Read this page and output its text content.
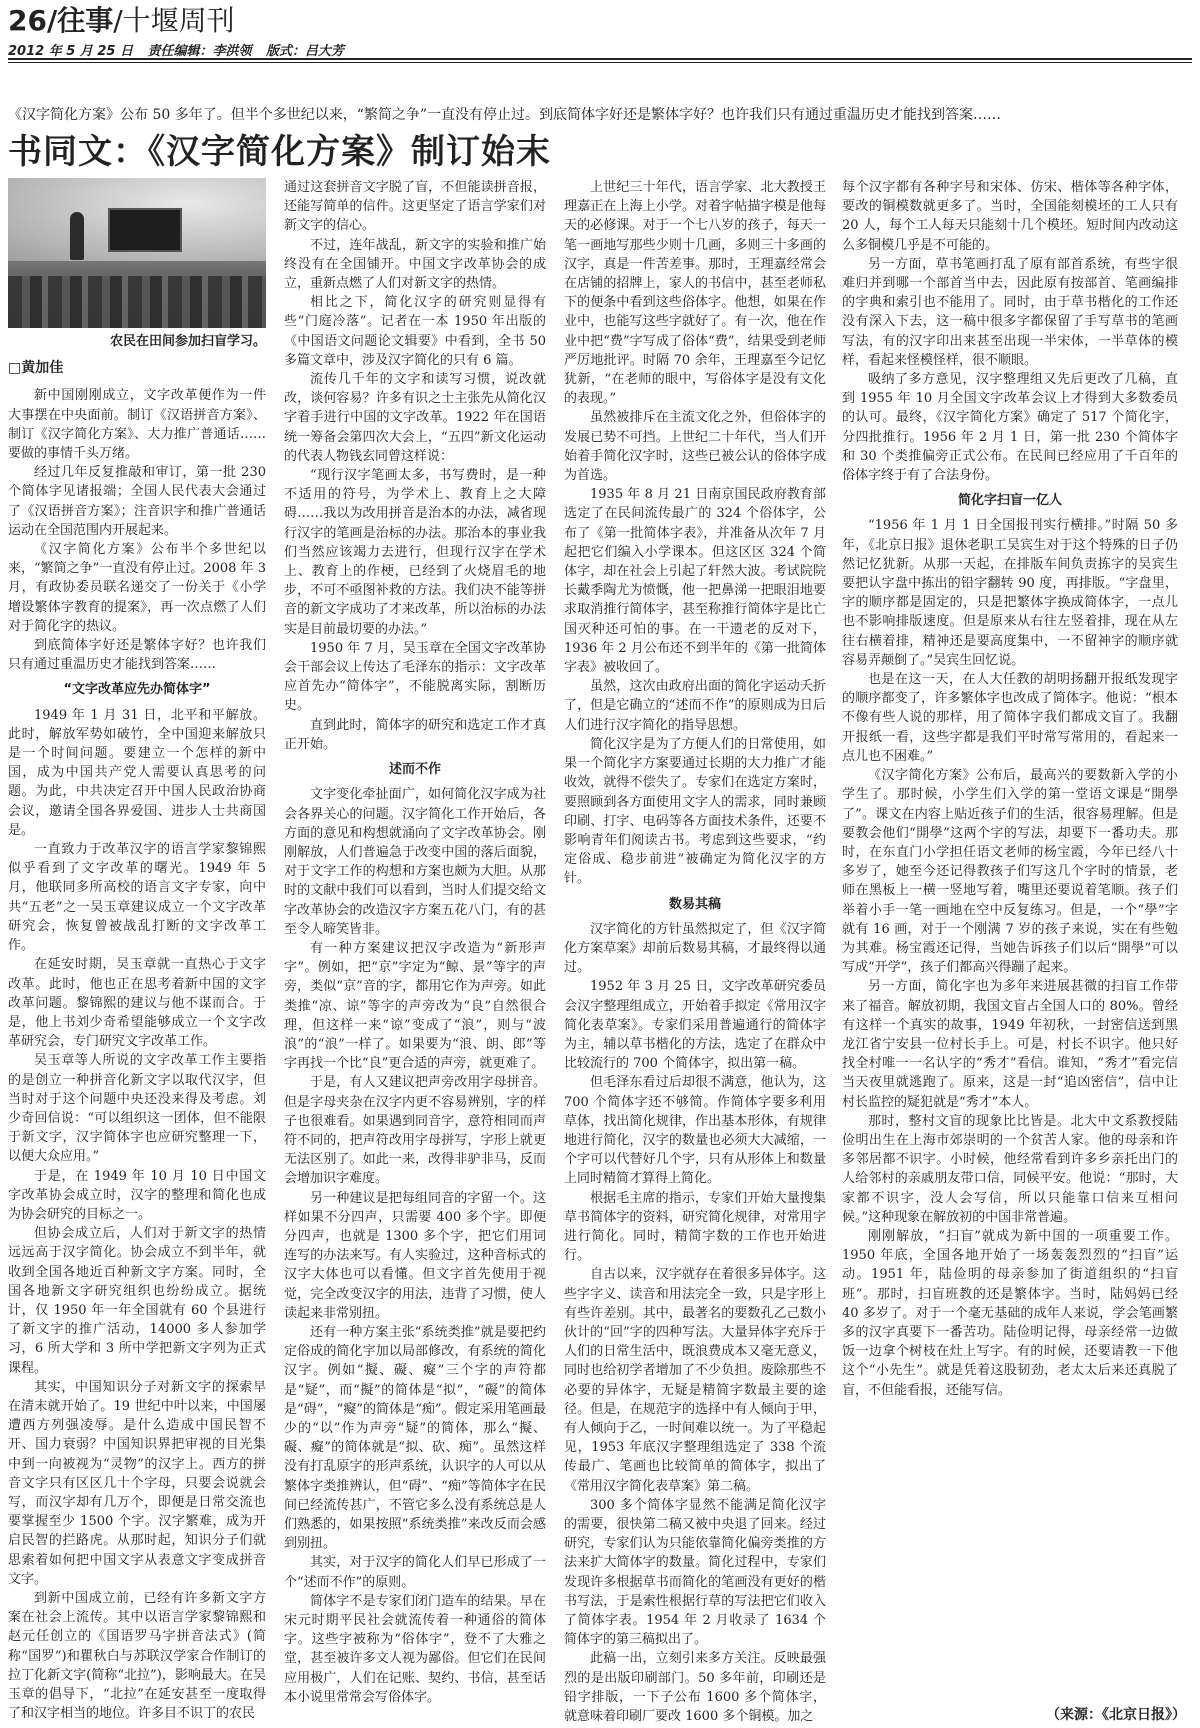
26/往事/十堰周刊
2012 年 5 月 25 日 责任编辑：李洪领 版式：吕大芳
《汉字简化方案》公布 50 多年了。但半个多世纪以来，“繁简之争”一直没有停止过。到底简体字好还是繁体字好？也许我们只有通过重温历史才能找到答案……
书同文：《汉字简化方案》制订始末
农民在田间参加扫盲学习。
□黄加佳

新中国刚刚成立，文字改革便作为一件大事摆在中央面前。制订《汉语拼音方案》、制订《汉字简化方案》、大力推广普通话……要做的事情千头万绪。

经过几年反复推敲和审订，第一批 230 个简体字见诸报端；全国人民代表大会通过了《汉语拼音方案》；注音识字和推广普通话运动在全国范围内开展起来。

《汉字简化方案》公布半个多世纪以来，“繁简之争”一直没有停止过。2008 年 3 月，有政协委员联名递交了一份关于《小学增设繁体字教育的提案》，再一次点燃了人们对于简化字的热议。

到底简体字好还是繁体字好？也许我们只有通过重温历史才能找到答案……

“文字改革应先办简体字”

1949 年 1 月 31 日，北平和平解放。此时，解放军势如破竹，全中国迎来解放只是一个时间问题。要建立一个怎样的新中国，成为中国共产党人需要认真思考的问题。为此，中共决定召开中国人民政治协商会议，邀请全国各界爱国、进步人士共商国是。

一直致力于改革汉字的语言学家黎锦熙似乎看到了文字改革的曙光。1949 年 5 月，他联同多所高校的语言文字专家，向中共“五老”之一吴玉章建议成立一个文字改革研究会，恢复曾被战乱打断的文字改革工作。

在延安时期，吴玉章就一直热心于文字改革。此时，他也正在思考着新中国的文字改革问题。黎锦熙的建议与他不谋而合。于是，他上书刘少奇希望能够成立一个文字改革研究会，专门研究文字改革工作。

吴玉章等人所说的文字改革工作主要指的是创立一种拼音化新文字以取代汉字，但当时对于这个问题中央还没来得及考虑。刘少奇回信说：“可以组织这一团体，但不能限于新文字，汉字简体字也应研究整理一下，以便大众应用。”

于是，在 1949 年 10 月 10 日中国文字改革协会成立时，汉字的整理和简化也成为协会研究的目标之一。

但协会成立后，人们对于新文字的热情远远高于汉字简化。协会成立不到半年，就收到全国各地近百种新文字方案。同时，全国各地新文字研究组织也纷纷成立。据统计，仅 1950 年一年全国就有 60 个县进行了新文字的推广活动，14000 多人参加学习，6 所大学和 3 所中学把新文字列为正式课程。

其实，中国知识分子对新文字的探索早在清末就开始了。19 世纪中叶以来，中国屡遭西方列强凌辱。是什么造成中国民智不开、国力衰弱？中国知识界把审视的目光集中到一向被视为“灵物”的汉字上。西方的拼音文字只有区区几十个字母，只要会说就会写，而汉字却有几万个，即便是日常交流也要掌握至少 1500 个字。汉字繁难，成为开启民智的拦路虎。从那时起，知识分子们就思索着如何把中国文字从表意文字变成拼音文字。

到新中国成立前，已经有许多新文字方案在社会上流传。其中以语言学家黎锦熙和赵元任创立的《国语罗马字拼音法式》(简称“国罗”)和瞿秋白与苏联汉学家合作制订的拉丁化新文字(简称“北拉”)，影响最大。在吴玉章的倡导下，“北拉”在延安甚至一度取得了和汉字相当的地位。许多目不识丁的农民

通过这套拼音文字脱了盲，不但能读拼音报，还能写简单的信件。这更坚定了语言学家们对新文字的信心。

不过，连年战乱，新文字的实验和推广始终没有在全国铺开。中国文字改革协会的成立，重新点燃了人们对新文字的热情。

相比之下，简化汉字的研究则显得有些“门庭冷落”。记者在一本 1950 年出版的《中国语文问题论文辑要》中看到，全书 50 多篇文章中，涉及汉字简化的只有 6 篇。

流传几千年的文字和读写习惯，说改就改，谈何容易？许多有识之士主张先从简化汉字着手进行中国的文字改革。1922 年在国语统一筹备会第四次大会上，“五四”新文化运动的代表人物钱玄同曾这样说：

“现行汉字笔画太多，书写费时，是一种不适用的符号，为学术上、教育上之大障碍……我以为改用拼音是治本的办法，减省现行汉字的笔画是治标的办法。那治本的事业我们当然应该竭力去进行，但现行汉字在学术上、教育上的作梗，已经到了火烧眉毛的地步，不可不亟图补救的方法。我们决不能等拼音的新文字成功了才来改革，所以治标的办法实是目前最切要的办法。”

1950 年 7 月，吴玉章在全国文字改革协会干部会议上传达了毛泽东的指示：文字改革应首先办“简体字”，不能脱离实际，割断历史。

直到此时，简体字的研究和选定工作才真正开始。

述而不作

文字变化牵扯面广，如何简化汉字成为社会各界关心的问题。汉字简化工作开始后，各方面的意见和构想就涌向了文字改革协会。刚刚解放，人们普遍急于改变中国的落后面貌，对于文字工作的构想和方案也颇为大胆。从那时的文献中我们可以看到，当时人们提交给文字改革协会的改造汉字方案五花八门，有的甚至令人啼笑皆非。

有一种方案建议把汉字改造为“新形声字”。例如，把“京”字定为“鲸、景”等字的声旁，类似“京”音的字，都用它作为声旁。如此类推“凉、谅”等字的声旁改为“良”自然很合理，但这样一来“谅”变成了“浪”，则与“波浪”的“浪”一样了。如果要为“浪、朗、郎”等字再找一个比“良”更合适的声旁，就更难了。

于是，有人又建议把声旁改用字母拼音。但是字母夹杂在汉字内更不容易辨别，字的样子也很难看。如果遇到同音字，意符相同而声符不同的，把声符改用字母拼写，字形上就更无法区别了。如此一来，改得非驴非马，反而会增加识字难度。

另一种建议是把每组同音的字留一个。这样如果不分四声，只需要 400 多个字。即便分四声，也就是 1300 多个字，把它们用词连写的办法来写。有人实验过，这种音标式的汉字大体也可以看懂。但文字首先使用于视觉，完全改变汉字的用法，违背了习惯，使人读起来非常别扭。

还有一种方案主张“系统类推”就是要把约定俗成的简化字加以局部修改，有系统的简化汉字。例如“擬、礙、癡”三个字的声符都是“疑”，而“擬”的简体是“拟”，“礙”的简体是“碍”，“癡”的简体是“痴”。假定采用笔画最少的“以”作为声旁“疑”的简体，那么“擬、礙、癡”的简体就是“拟、砍、痴”。虽然这样没有打乱原字的形声系统，认识字的人可以从繁体字类推辨认，但“碍”、“痴”等简体字在民间已经流传甚广，不管它多么没有系统总是人们熟悉的，如果按照“系统类推”来改反而会感到别扭。

其实，对于汉字的简化人们早已形成了一个“述而不作”的原则。

简体字不是专家们闭门造车的结果。早在宋元时期平民社会就流传着一种通俗的简体字。这些字被称为“俗体字”，登不了大雅之堂，甚至被许多文人视为鄙俗。但它们在民间应用极广，人们在记账、契约、书信，甚至话本小说里常常会写俗体字。

上世纪三十年代，语言学家、北大教授王理嘉正在上海上小学。对着字帖描字模是他每天的必修课。对于一个七八岁的孩子，每天一笔一画地写那些少则十几画，多则三十多画的汉字，真是一件苦差事。那时，王理嘉经常会在店铺的招牌上，家人的书信中，甚至老师私下的便条中看到这些俗体字。他想，如果在作业中，也能写这些字就好了。有一次，他在作业中把“费”字写成了俗体“费”，结果受到老师严厉地批评。时隔 70 余年，王理嘉至今记忆犹新，“在老师的眼中，写俗体字是没有文化的表现。”

虽然被排斥在主流文化之外，但俗体字的发展已势不可挡。上世纪二十年代，当人们开始着手简化汉字时，这些已被公认的俗体字成为首选。

1935 年 8 月 21 日南京国民政府教育部选定了在民间流传最广的 324 个俗体字，公布了《第一批简体字表》，并准备从次年 7 月起把它们编入小学课本。但这区区 324 个简体字，却在社会上引起了轩然大波。考试院院长戴季陶尤为愤慨，他一把鼻涕一把眼泪地要求取消推行简体字，甚至称推行简体字是比亡国灭种还可怕的事。在一干遗老的反对下，1936 年 2 月公布还不到半年的《第一批简体字表》被收回了。

虽然，这次由政府出面的简化字运动夭折了，但是它确立的“述而不作”的原则成为日后人们进行汉字简化的指导思想。

简化汉字是为了方便人们的日常使用，如果一个简化字方案要通过长期的大力推广才能收效，就得不偿失了。专家们在选定方案时，要照顾到各方面使用文字人的需求，同时兼顾印刷、打字、电码等各方面技术条件，还要不影响青年们阅读古书。考虑到这些要求，“约定俗成、稳步前进”被确定为简化汉字的方针。

数易其稿

汉字简化的方针虽然拟定了，但《汉字简化方案草案》却前后数易其稿，才最终得以通过。

1952 年 3 月 25 日，文字改革研究委员会汉字整理组成立，开始着手拟定《常用汉字简化表草案》。专家们采用普遍通行的简体字为主，辅以草书楷化的方法，选定了在群众中比较流行的 700 个简体字，拟出第一稿。

但毛泽东看过后却很不满意，他认为，这 700 个简体字还不够简。作简体字要多利用草体，找出简化规律，作出基本形体，有规律地进行简化，汉字的数量也必须大大减缩，一个字可以代替好几个字，只有从形体上和数量上同时精简才算得上简化。

根据毛主席的指示，专家们开始大量搜集草书简体字的资料，研究简化规律，对常用字进行简化。同时，精简字数的工作也开始进行。

自古以来，汉字就存在着很多异体字。这些字字义、读音和用法完全一致，只是字形上有些许差别。其中，最著名的要数孔乙己数小伙计的“回”字的四种写法。大量异体字充斥于人们的日常生活中，既浪费成本又毫无意义，同时也给初学者增加了不少负担。废除那些不必要的异体字，无疑是精简字数最主要的途径。但是，在规范字的选择中有人倾向于甲，有人倾向于乙，一时间难以统一。为了平稳起见，1953 年底汉字整理组选定了 338 个流传最广、笔画也比较简单的简体字，拟出了《常用汉字简化表草案》第二稿。

300 多个简体字显然不能满足简化汉字的需要，很快第二稿又被中央退了回来。经过研究，专家们认为只能依靠简化偏旁类推的方法来扩大简体字的数量。简化过程中，专家们发现许多根据草书而简化的笔画没有更好的楷书写法，于是索性根据行草的写法把它们收入了简体字表。1954 年 2 月收录了 1634 个简体字的第三稿拟出了。

此稿一出，立刻引来多方关注。反映最强烈的是出版印刷部门。50 多年前，印刷还是铅字排版，一下子公布 1600 多个简体字，就意味着印刷厂要改 1600 多个铜模。加之

每个汉字都有各种字号和宋体、仿宋、楷体等各种字体，要改的铜模数就更多了。当时，全国能刻模坯的工人只有 20 人，每个工人每天只能刻十几个模坯。短时间内改动这么多铜模几乎是不可能的。

另一方面，草书笔画打乱了原有部首系统，有些字很难归并到哪一个部首当中去，因此原有按部首、笔画编排的字典和索引也不能用了。同时，由于草书楷化的工作还没有深入下去，这一稿中很多字都保留了手写草书的笔画写法，有的汉字印出来甚至出现一半宋体，一半草体的模样，看起来怪模怪样，很不顺眼。

吸纳了多方意见，汉字整理组又先后更改了几稿，直到 1955 年 10 月全国文字改革会议上才得到大多数委员的认可。最终，《汉字简化方案》确定了 517 个简化字，分四批推行。1956 年 2 月 1 日，第一批 230 个简体字和 30 个类推偏旁正式公布。在民间已经应用了千百年的俗体字终于有了合法身份。

简化字扫盲一亿人

“1956 年 1 月 1 日全国报刊实行横排。”时隔 50 多年，《北京日报》退休老职工吴宾生对于这个特殊的日子仍然记忆犹新。从那一天起，在排版车间负责拣字的吴宾生要把认字盘中拣出的铅字翻转 90 度，再排版。“字盘里，字的顺序都是固定的，只是把繁体字换成简体字，一点儿也不影响排版速度。但是原来从右往左竖着排，现在从左往右横着排，精神还是要高度集中，一不留神字的顺序就容易弄颠倒了。”吴宾生回忆说。

也是在这一天，在人大任教的胡明扬翻开报纸发现字的顺序都变了，许多繁体字也改成了简体字。他说：“根本不像有些人说的那样，用了简体字我们都成文盲了。我翻开报纸一看，这些字都是我们平时常写常用的，看起来一点儿也不困难。”

《汉字简化方案》公布后，最高兴的要数新入学的小学生了。那时候，小学生们入学的第一堂语文课是“開學了”。课文在内容上贴近孩子们的生活，很容易理解。但是要教会他们“開學”这两个字的写法，却要下一番功夫。那时，在东直门小学担任语文老师的杨宝霞，今年已经八十多岁了，她至今还记得教孩子们写这几个字时的情景，老师在黑板上一横一竖地写着，嘴里还要说着笔顺。孩子们举着小手一笔一画地在空中反复练习。但是，一个“學”字就有 16 画，对于一个刚满 7 岁的孩子来说，实在有些勉为其难。杨宝霞还记得，当她告诉孩子们以后“開學”可以写成“开学”，孩子们都高兴得蹦了起来。

另一方面，简化字也为多年来进展甚微的扫盲工作带来了福音。解放初期，我国文盲占全国人口的 80%。曾经有这样一个真实的故事，1949 年初秋，一封密信送到黑龙江省宁安县一位村长手上。可是，村长不识字。他只好找全村唯一一名认字的“秀才”看信。谁知，“秀才”看完信当天夜里就逃跑了。原来，这是一封“追凶密信”，信中让村长监控的疑犯就是“秀才”本人。

那时，整村文盲的现象比比皆是。北大中文系教授陆俭明出生在上海市郊崇明的一个贫苦人家。他的母亲和许多邻居都不识字。小时候，他经常看到许多乡亲托出门的人给邻村的亲戚朋友带口信，同候平安。他说：“那时，大家都不识字，没人会写信，所以只能靠口信来互相问候。”这种现象在解放初的中国非常普遍。

刚刚解放，“扫盲”就成为新中国的一项重要工作。1950 年底，全国各地开始了一场轰轰烈烈的“扫盲”运动。1951 年，陆俭明的母亲参加了街道组织的“扫盲班”。那时，扫盲班教的还是繁体字。当时，陆妈妈已经 40 多岁了。对于一个毫无基础的成年人来说，学会笔画繁多的汉字真要下一番苦功。陆俭明记得，母亲经常一边做饭一边拿个树枝在灶上写字。有的时候，还要请教一下他这个“小先生”。就是凭着这股韧劲，老太太后来还真脱了盲，不但能看报，还能写信。

（来源：《北京日报》）
